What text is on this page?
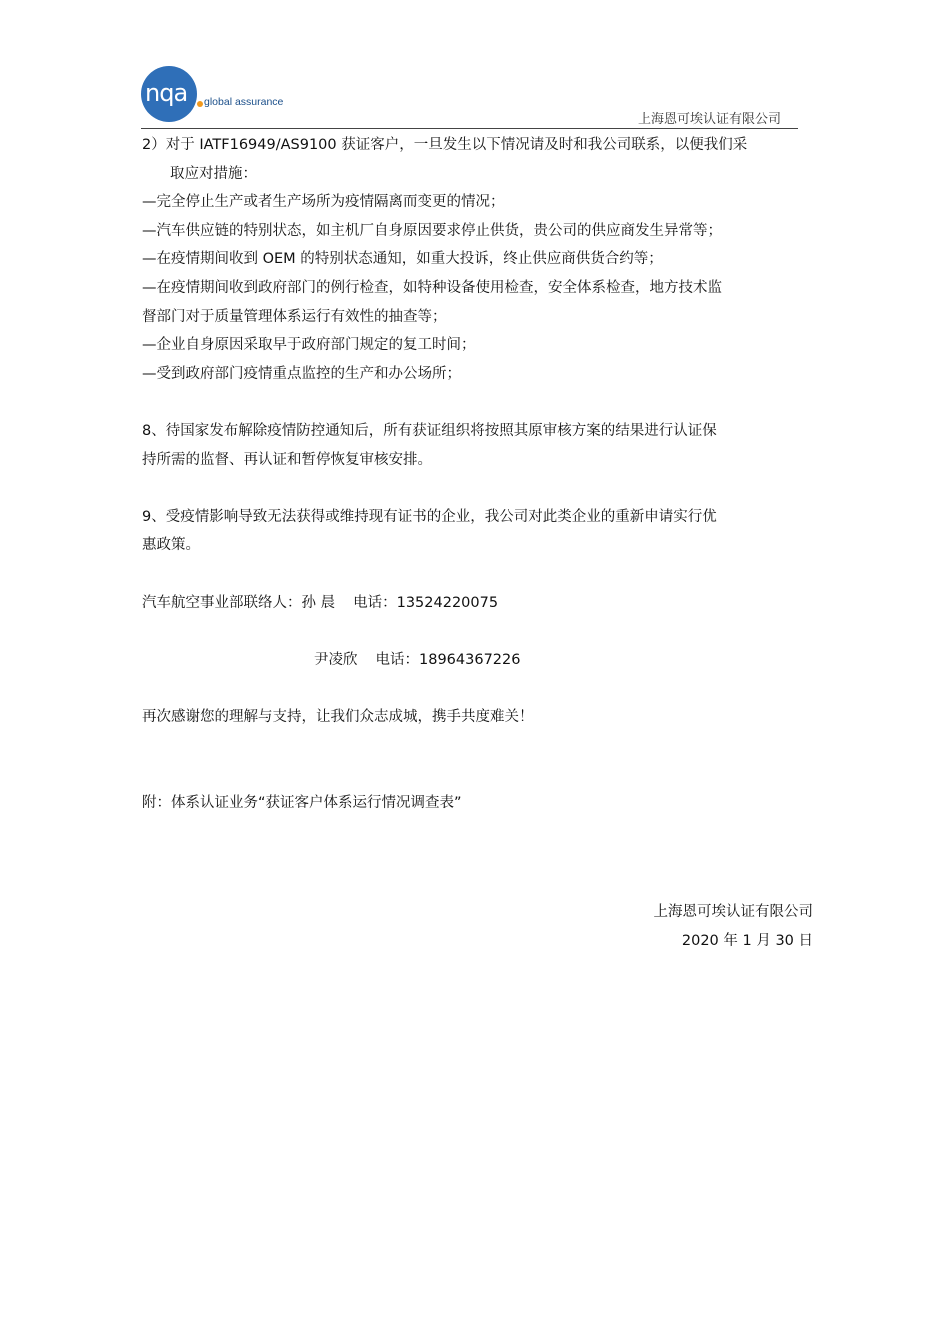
nqa global assurance
上海恩可埃认证有限公司

2）对于 IATF16949/AS9100 获证客户，一旦发生以下情况请及时和我公司联系，以便我们采

取应对措施：

—完全停止生产或者生产场所为疫情隔离而变更的情况；

—汽车供应链的特别状态，如主机厂自身原因要求停止供货，贵公司的供应商发生异常等；

—在疫情期间收到 OEM 的特别状态通知，如重大投诉，终止供应商供货合约等；

—在疫情期间收到政府部门的例行检查，如特种设备使用检查，安全体系检查，地方技术监

督部门对于质量管理体系运行有效性的抽查等；

—企业自身原因采取早于政府部门规定的复工时间；

—受到政府部门疫情重点监控的生产和办公场所；

8、待国家发布解除疫情防控通知后，所有获证组织将按照其原审核方案的结果进行认证保

持所需的监督、再认证和暂停恢复审核安排。

9、受疫情影响导致无法获得或维持现有证书的企业，我公司对此类企业的重新申请实行优

惠政策。

汽车航空事业部联络人：孙 晨 电话：13524220075

尹凌欣 电话：18964367226

再次感谢您的理解与支持，让我们众志成城，携手共度难关！

附：体系认证业务“获证客户体系运行情况调查表”

上海恩可埃认证有限公司
2020 年 1 月 30 日
